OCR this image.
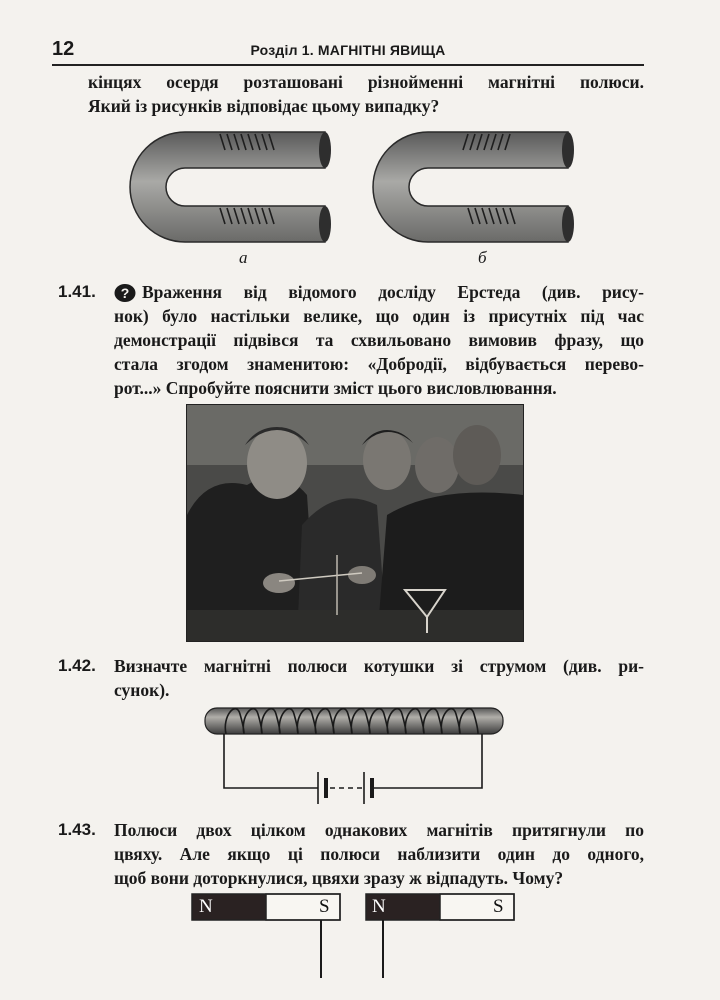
12	Розділ 1. МАГНІТНІ ЯВИЩА
кінцях осердя розташовані різнойменні магнітні полюси.
Який із рисунків відповідає цьому випадку?
а	б
1.41. ? Враження від відомого досліду Ерстеда (див. рису-
нок) було настільки велике, що один із присутніх під час
демонстрації підвівся та схвильовано вимовив фразу, що
стала згодом знаменитою: «Добродії, відбувається перево-
рот...» Спробуйте пояснити зміст цього висловлювання.
1.42. Визначте магнітні полюси котушки зі струмом (див. ри-
сунок).
1.43. Полюси двох цілком однакових магнітів притягнули по
цвяху. Але якщо ці полюси наблизити один до одного,
щоб вони доторкнулися, цвяхи зразу ж відпадуть. Чому?
N	S N	S
